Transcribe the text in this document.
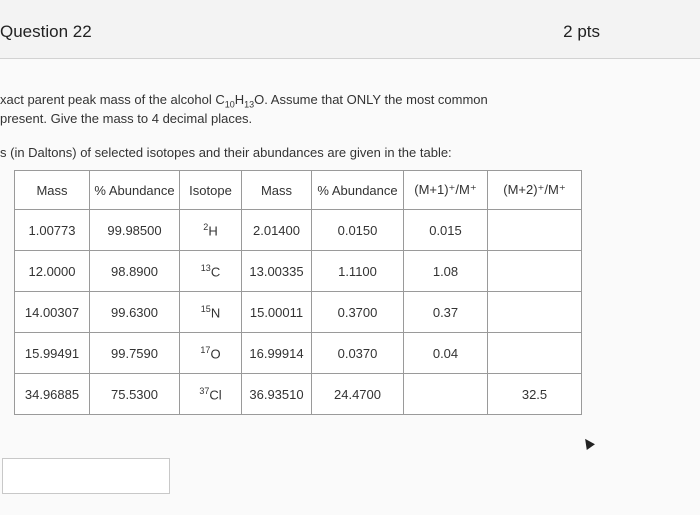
Question 22	2 pts
xact parent peak mass of the alcohol $C_{10}H_{13}O$. Assume that ONLY the most common
present. Give the mass to 4 decimal places.
s (in Daltons) of selected isotopes and their abundances are given in the table:
Mass	% Abundance	Isotope	Mass	% Abundance	(M+1)⁺/M⁺	(M+2)⁺/M⁺
1.00773	99.98500	$^2$H	2.01400	0.0150	0.015	
12.0000	98.8900	$^{13}$C	13.00335	1.1100	1.08	
14.00307	99.6300	$^{15}$N	15.00011	0.3700	0.37	
15.99491	99.7590	$^{17}$O	16.99914	0.0370	0.04	
34.96885	75.5300	$^{37}$Cl	36.93510	24.4700		32.5
